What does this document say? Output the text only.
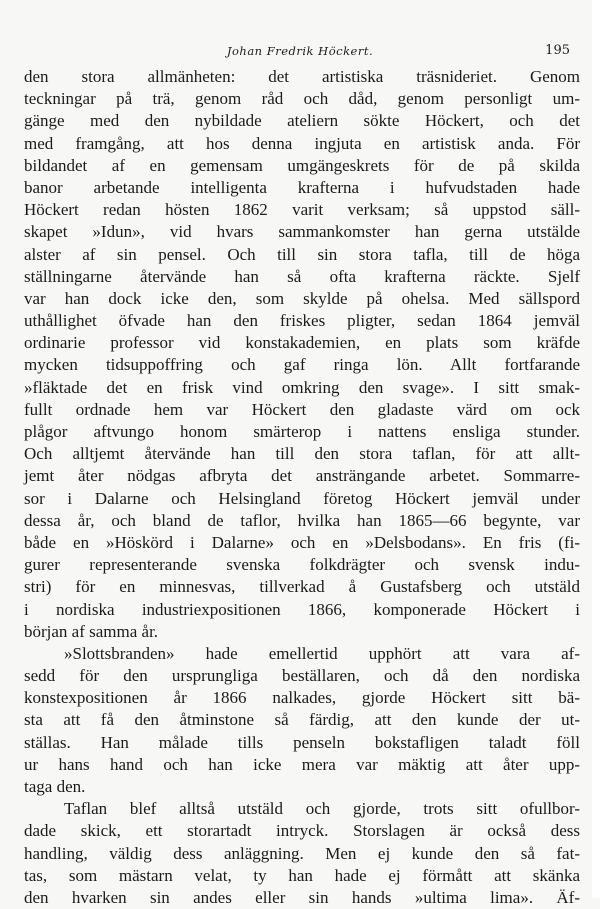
Johan Fredrik Höckert.	195
den stora allmänheten: det artistiska träsnideriet. Genom
teckningar på trä, genom råd och dåd, genom personligt um-
gänge med den nybildade ateliern sökte Höckert, och det
med framgång, att hos denna ingjuta en artistisk anda. För
bildandet af en gemensam umgängeskrets för de på skilda
banor arbetande intelligenta krafterna i hufvudstaden hade
Höckert redan hösten 1862 varit verksam; så uppstod säll-
skapet »Idun», vid hvars sammankomster han gerna utstälde
alster af sin pensel. Och till sin stora tafla, till de höga
ställningarne återvände han så ofta krafterna räckte. Sjelf
var han dock icke den, som skylde på ohelsa. Med sällspord
uthållighet öfvade han den friskes pligter, sedan 1864 jemväl
ordinarie professor vid konstakademien, en plats som kräfde
mycken tidsuppoffring och gaf ringa lön. Allt fortfarande
»fläktade det en frisk vind omkring den svage». I sitt smak-
fullt ordnade hem var Höckert den gladaste värd om ock
plågor aftvungo honom smärterop i nattens ensliga stunder.
Och alltjemt återvände han till den stora taflan, för att allt-
jemt åter nödgas afbryta det ansträngande arbetet. Sommarre-
sor i Dalarne och Helsingland företog Höckert jemväl under
dessa år, och bland de taflor, hvilka han 1865—66 begynte, var
både en »Höskörd i Dalarne» och en »Delsbodans». En fris (fi-
gurer representerande svenska folkdrägter och svensk indu-
stri) för en minnesvas, tillverkad å Gustafsberg och utstäld
i nordiska industriexpositionen 1866, komponerade Höckert i
början af samma år.
»Slottsbranden» hade emellertid upphört att vara af-
sedd för den ursprungliga beställaren, och då den nordiska
konstexpositionen år 1866 nalkades, gjorde Höckert sitt bä-
sta att få den åtminstone så färdig, att den kunde der ut-
ställas. Han målade tills penseln bokstafligen taladt föll
ur hans hand och han icke mera var mäktig att åter upp-
taga den.
Taflan blef alltså utstäld och gjorde, trots sitt ofullbor-
dade skick, ett storartadt intryck. Storslagen är också dess
handling, väldig dess anläggning. Men ej kunde den så fat-
tas, som mästarn velat, ty han hade ej förmått att skänka
den hvarken sin andes eller sin hands »ultima lima». Äf-
